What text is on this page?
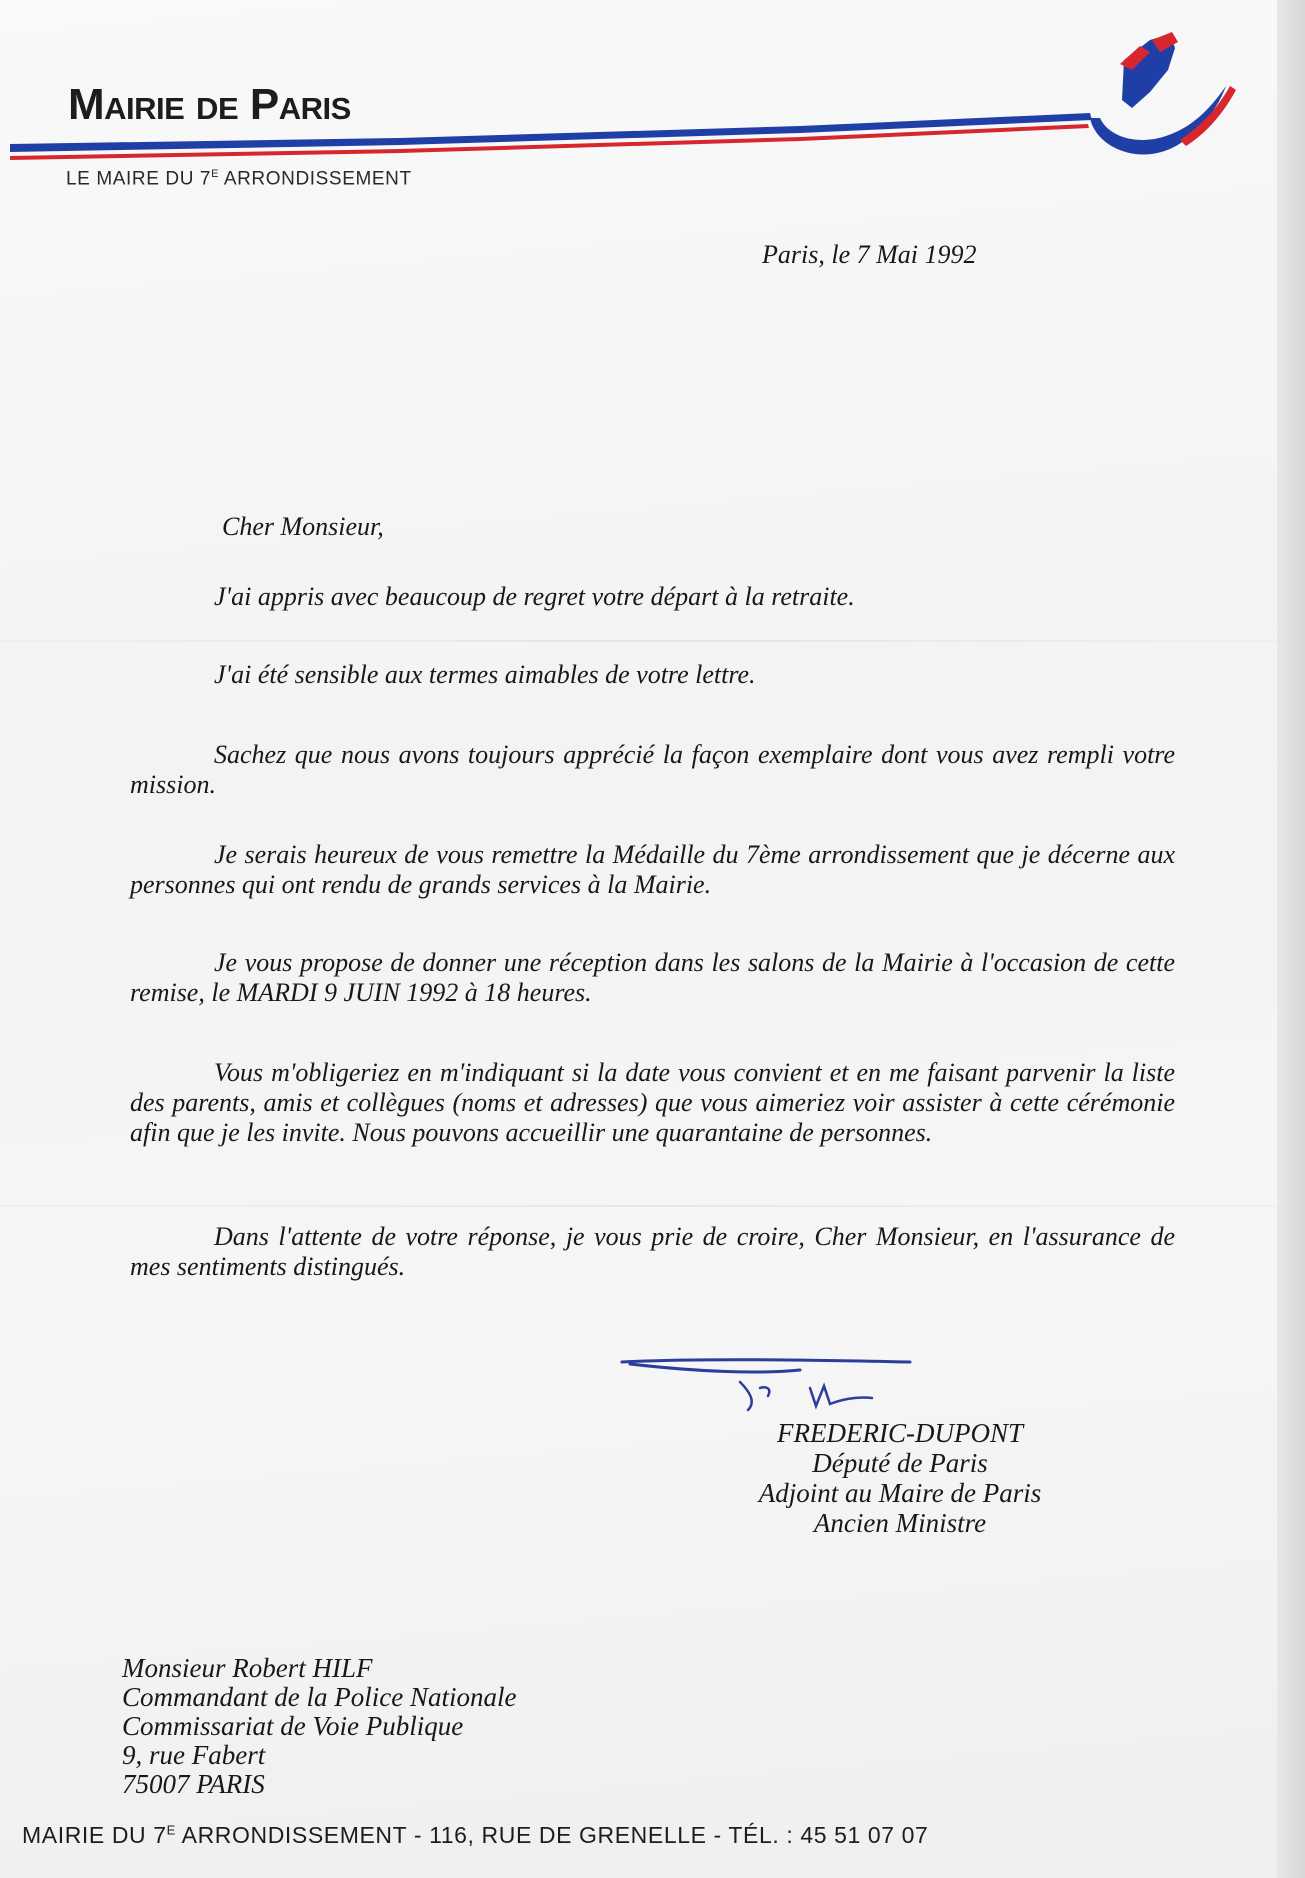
Mairie de Paris
LE MAIRE DU $7^E$ ARRONDISSEMENT
Paris, le 7 Mai 1992
Cher Monsieur,
J'ai appris avec beaucoup de regret votre départ à la retraite.
J'ai été sensible aux termes aimables de votre lettre.
Sachez que nous avons toujours apprécié la façon exemplaire dont vous avez rempli votre mission.
Je serais heureux de vous remettre la Médaille du 7ème arrondissement que je décerne aux personnes qui ont rendu de grands services à la Mairie.
Je vous propose de donner une réception dans les salons de la Mairie à l'occasion de cette remise, le MARDI 9 JUIN 1992 à 18 heures.
Vous m'obligeriez en m'indiquant si la date vous convient et en me faisant parvenir la liste des parents, amis et collègues (noms et adresses) que vous aimeriez voir assister à cette cérémonie afin que je les invite. Nous pouvons accueillir une quarantaine de personnes.
Dans l'attente de votre réponse, je vous prie de croire, Cher Monsieur, en l'assurance de mes sentiments distingués.
FREDERIC-DUPONT
Député de Paris
Adjoint au Maire de Paris
Ancien Ministre
Monsieur Robert HILF
Commandant de la Police Nationale
Commissariat de Voie Publique
9, rue Fabert
75007 PARIS
MAIRIE DU $7^E$ ARRONDISSEMENT - 116, RUE DE GRENELLE - TÉL. : 45 51 07 07
